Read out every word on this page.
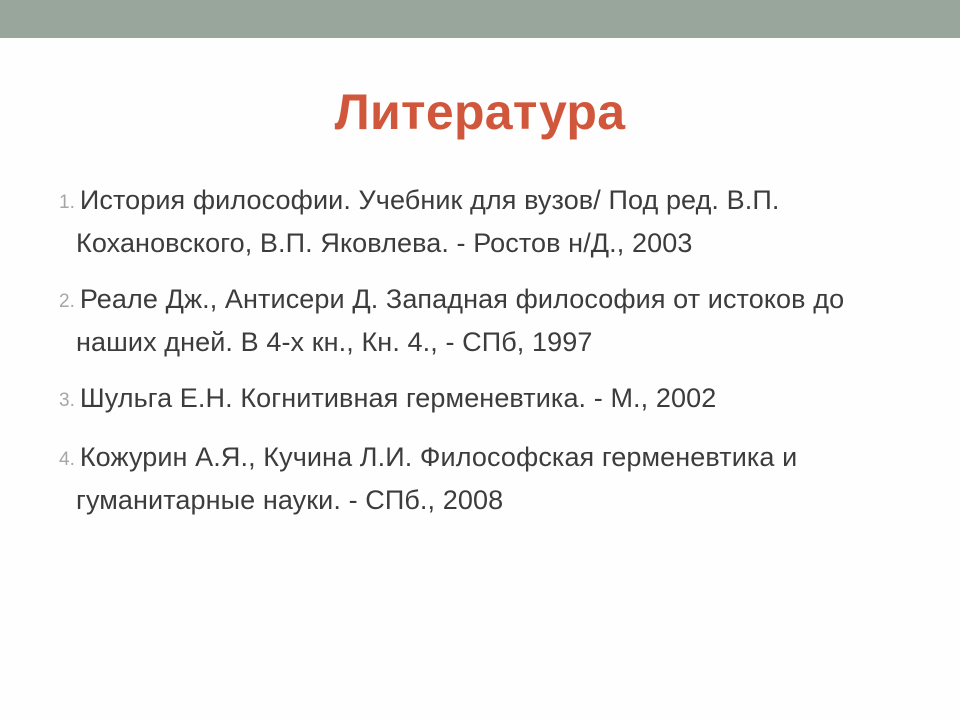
Литература
1. История философии. Учебник для вузов/ Под ред. В.П. Кохановского, В.П. Яковлева. - Ростов н/Д., 2003
2. Реале Дж., Антисери Д. Западная философия от истоков до наших дней. В 4-х кн., Кн. 4., - СПб, 1997
3. Шульга Е.Н. Когнитивная герменевтика. - М., 2002
4. Кожурин А.Я., Кучина Л.И. Философская герменевтика и гуманитарные науки. - СПб., 2008
